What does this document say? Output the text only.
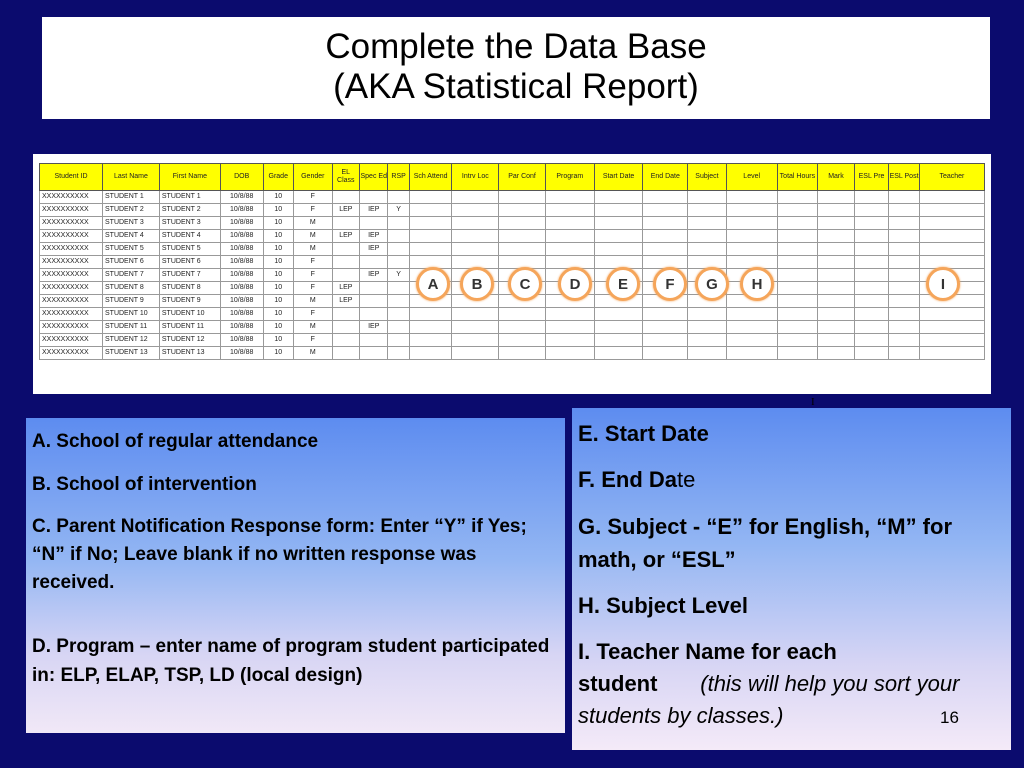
Complete the Data Base
(AKA Statistical Report)
Student ID	Last Name	First Name	DOB	Grade	Gender	EL Class	Spec Ed	RSP	Sch Attend	Intrv Loc	Par Conf	Program	Start Date	End Date	Subject	Level	Total Hours	Mark	ESL Pre	ESL Post	Teacher
XXXXXXXXXX	STUDENT 1	STUDENT 1	10/8/88	10	F																
XXXXXXXXXX	STUDENT 2	STUDENT 2	10/8/88	10	F	LEP	IEP	Y													
XXXXXXXXXX	STUDENT 3	STUDENT 3	10/8/88	10	M																
XXXXXXXXXX	STUDENT 4	STUDENT 4	10/8/88	10	M	LEP	IEP														
XXXXXXXXXX	STUDENT 5	STUDENT 5	10/8/88	10	M		IEP														
XXXXXXXXXX	STUDENT 6	STUDENT 6	10/8/88	10	F																
XXXXXXXXXX	STUDENT 7	STUDENT 7	10/8/88	10	F		IEP	Y													
XXXXXXXXXX	STUDENT 8	STUDENT 8	10/8/88	10	F	LEP															
XXXXXXXXXX	STUDENT 9	STUDENT 9	10/8/88	10	M	LEP															
XXXXXXXXXX	STUDENT 10	STUDENT 10	10/8/88	10	F																
XXXXXXXXXX	STUDENT 11	STUDENT 11	10/8/88	10	M		IEP														
XXXXXXXXXX	STUDENT 12	STUDENT 12	10/8/88	10	F																
XXXXXXXXXX	STUDENT 13	STUDENT 13	10/8/88	10	M																
A	B	C	D	E	F	G	H	I
I

A. School of regular attendance

B. School of intervention

C. Parent Notification Response form: Enter “Y” if Yes; “N” if No; Leave blank if no written response was received.

D. Program – enter name of program student participated in: ELP, ELAP, TSP, LD (local design)

E. Start Date

F. End Date

G. Subject - “E” for English, “M” for math, or “ESL”

H. Subject Level

I. Teacher Name for each student (this will help you sort your students by classes.)	16
